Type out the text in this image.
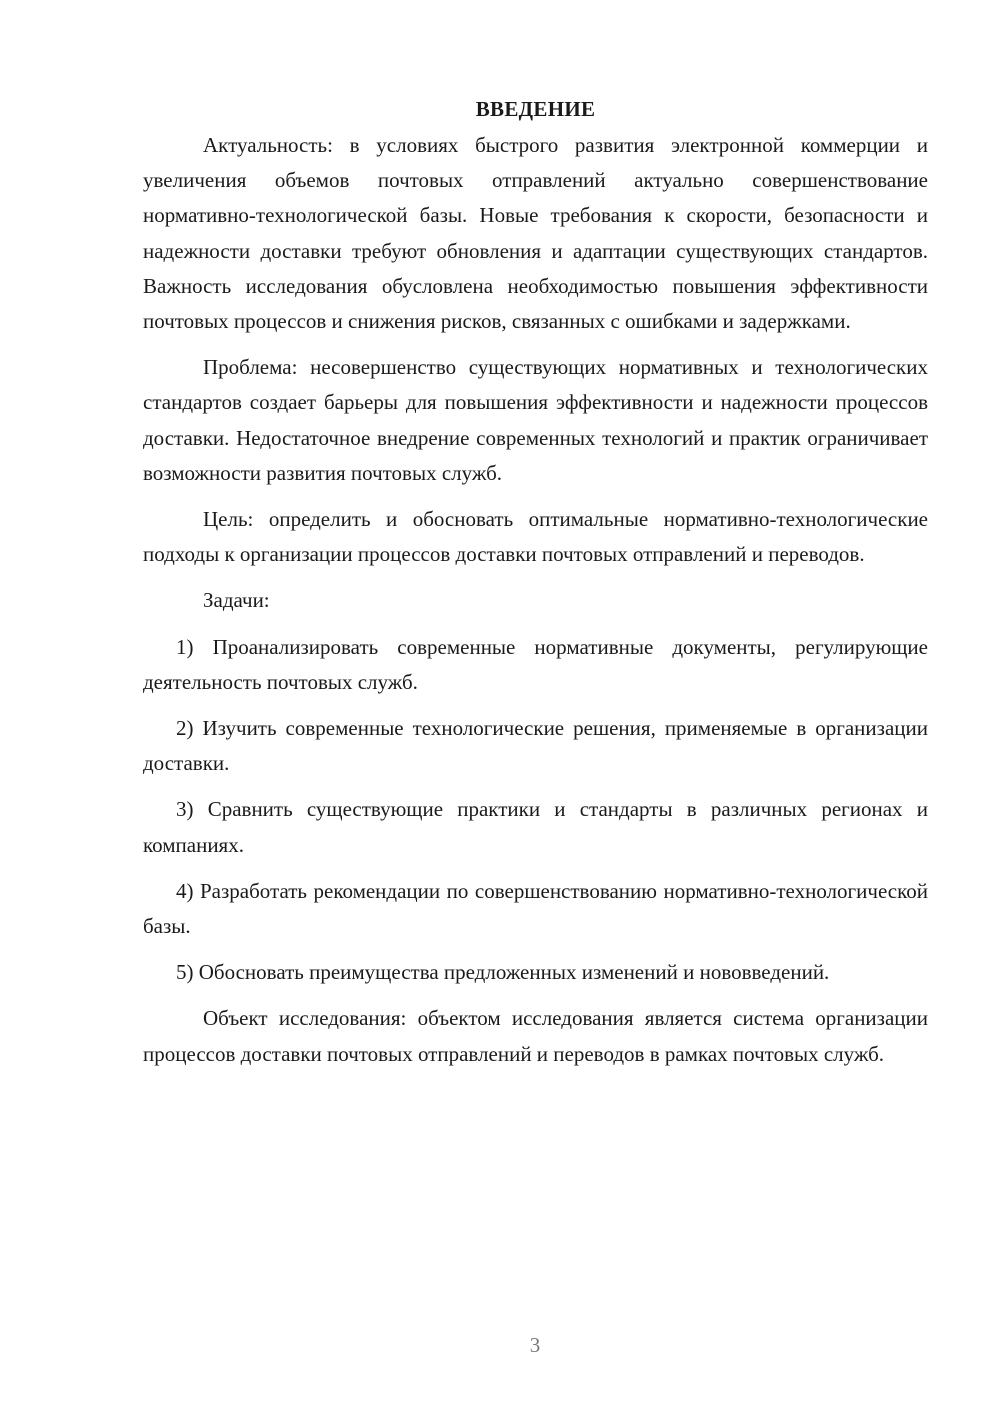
ВВЕДЕНИЕ

Актуальность: в условиях быстрого развития электронной коммерции и увеличения объемов почтовых отправлений актуально совершенствование нормативно-технологической базы. Новые требования к скорости, безопасности и надежности доставки требуют обновления и адаптации существующих стандартов. Важность исследования обусловлена необходимостью повышения эффективности почтовых процессов и снижения рисков, связанных с ошибками и задержками.

Проблема: несовершенство существующих нормативных и технологических стандартов создает барьеры для повышения эффективности и надежности процессов доставки. Недостаточное внедрение современных технологий и практик ограничивает возможности развития почтовых служб.

Цель: определить и обосновать оптимальные нормативно-технологические подходы к организации процессов доставки почтовых отправлений и переводов.

Задачи:

1) Проанализировать современные нормативные документы, регулирующие деятельность почтовых служб.

2) Изучить современные технологические решения, применяемые в организации доставки.

3) Сравнить существующие практики и стандарты в различных регионах и компаниях.

4) Разработать рекомендации по совершенствованию нормативно-технологической базы.

5) Обосновать преимущества предложенных изменений и нововведений.

Объект исследования: объектом исследования является система организации процессов доставки почтовых отправлений и переводов в рамках почтовых служб.

3
